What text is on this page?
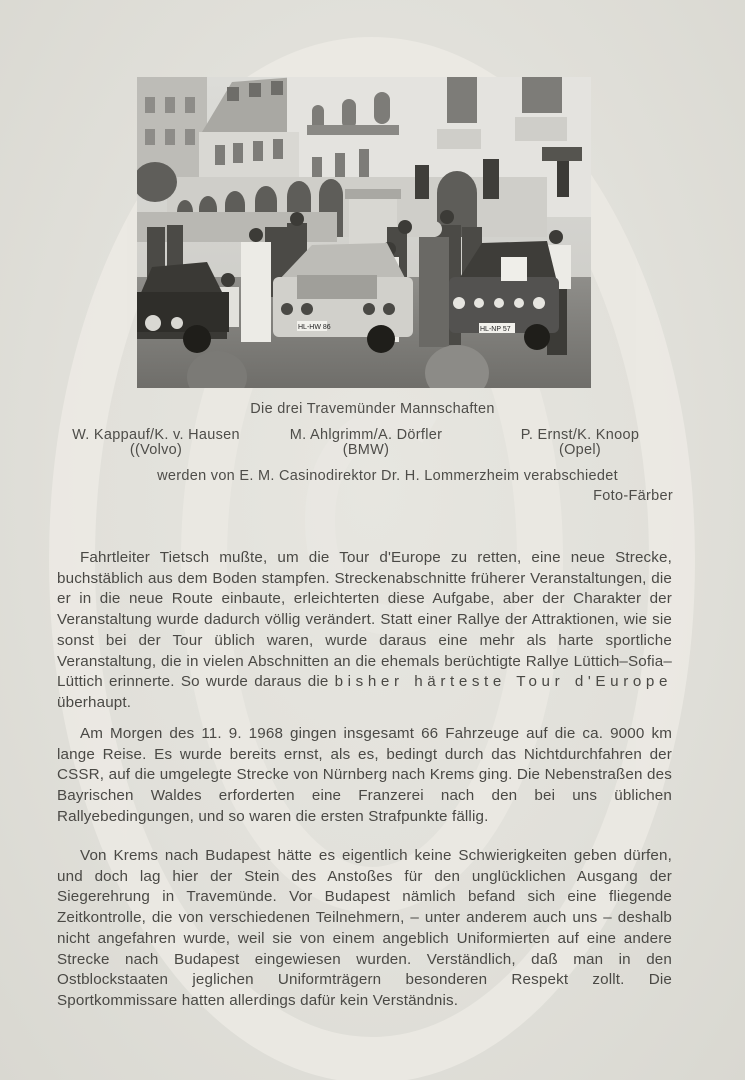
HL-HW 86	HL-NP 57
Die drei Travemünder Mannschaften
W. Kappauf/K. v. Hausen
((Volvo)
M. Ahlgrimm/A. Dörfler
(BMW)
P. Ernst/K. Knoop
(Opel)
werden von E. M. Casinodirektor Dr. H. Lommerzheim verabschiedet
Foto-Färber

Fahrtleiter Tietsch mußte, um die Tour d'Europe zu retten, eine neue Strecke, buchstäblich aus dem Boden stampfen. Streckenabschnitte früherer Veranstaltungen, die er in die neue Route einbaute, erleichterten diese Aufgabe, aber der Charakter der Veranstaltung wurde dadurch völlig verändert. Statt einer Rallye der Attraktionen, wie sie sonst bei der Tour üblich waren, wurde daraus eine mehr als harte sportliche Veranstaltung, die in vielen Abschnitten an die ehemals berüchtigte Rallye Lüttich–Sofia–Lüttich erinnerte. So wurde daraus die bisher härteste Tour d'Europe überhaupt.

Am Morgen des 11. 9. 1968 gingen insgesamt 66 Fahrzeuge auf die ca. 9000 km lange Reise. Es wurde bereits ernst, als es, bedingt durch das Nichtdurchfahren der CSSR, auf die umgelegte Strecke von Nürnberg nach Krems ging. Die Nebenstraßen des Bayrischen Waldes erforderten eine Franzerei nach den bei uns üblichen Rallyebedingungen, und so waren die ersten Strafpunkte fällig.

Von Krems nach Budapest hätte es eigentlich keine Schwierigkeiten geben dürfen, und doch lag hier der Stein des Anstoßes für den unglücklichen Ausgang der Siegerehrung in Travemünde. Vor Budapest nämlich befand sich eine fliegende Zeitkontrolle, die von verschiedenen Teilnehmern, – unter anderem auch uns – deshalb nicht angefahren wurde, weil sie von einem angeblich Uniformierten auf eine andere Strecke nach Budapest eingewiesen wurden. Verständlich, daß man in den Ostblockstaaten jeglichen Uniformträgern besonderen Respekt zollt. Die Sportkommissare hatten allerdings dafür kein Verständnis.
